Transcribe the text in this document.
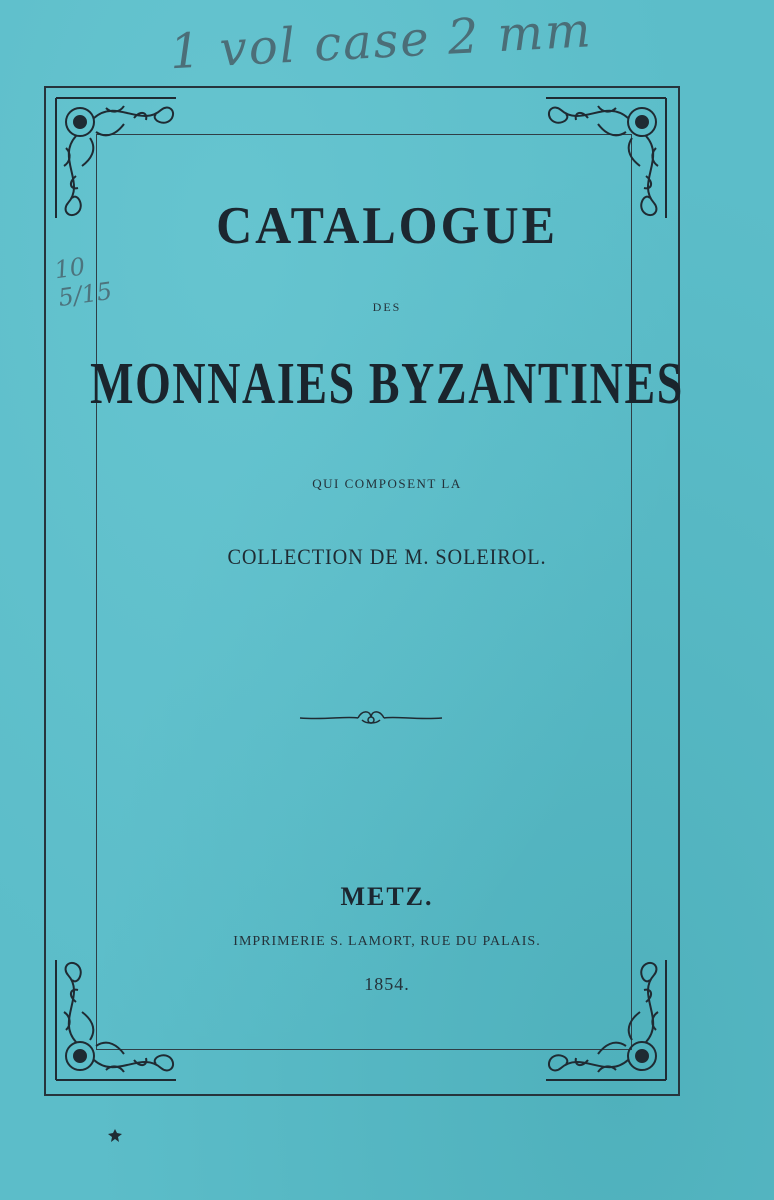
1 vol case 2 mm
10 5/15
CATALOGUE
DES
MONNAIES BYZANTINES
QUI COMPOSENT LA
COLLECTION DE M. SOLEIROL.
METZ.
IMPRIMERIE S. LAMORT, RUE DU PALAIS.
1854.
